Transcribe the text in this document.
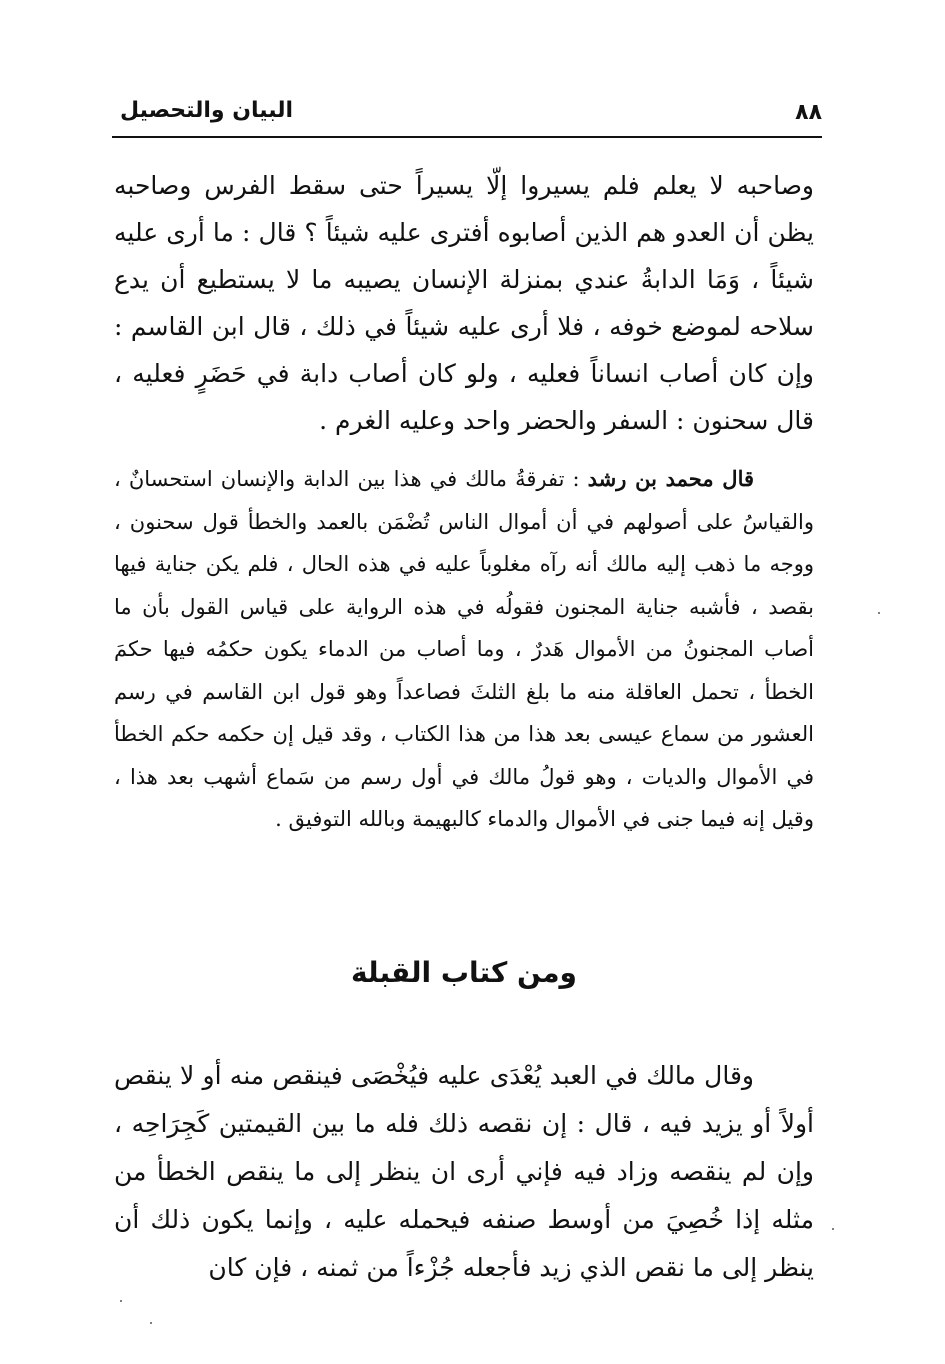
٨٨
البيان والتحصيل

وصاحبه لا يعلم فلم يسيروا إلّا يسيراً حتى سقط الفرس وصاحبه يظن أن العدو هم الذين أصابوه أفترى عليه شيئاً ؟ قال : ما أرى عليه شيئاً ، وَمَا الدابةُ عندي بمنزلة الإنسان يصيبه ما لا يستطيع أن يدع سلاحه لموضع خوفه ، فلا أرى عليه شيئاً في ذلك ، قال ابن القاسم : وإن كان أصاب انساناً فعليه ، ولو كان أصاب دابة في حَضَرٍ فعليه ، قال سحنون : السفر والحضر واحد وعليه الغرم .

قال محمد بن رشد : تفرقةُ مالك في هذا بين الدابة والإنسان استحسانٌ ، والقياسُ على أصولهم في أن أموال الناس تُضْمَن بالعمد والخطأ قول سحنون ، ووجه ما ذهب إليه مالك أنه رآه مغلوباً عليه في هذه الحال ، فلم يكن جناية فيها بقصد ، فأشبه جناية المجنون فقولُه في هذه الرواية على قياس القول بأن ما أصاب المجنونُ من الأموال هَدرٌ ، وما أصاب من الدماء يكون حكمُه فيها حكمَ الخطأ ، تحمل العاقلة منه ما بلغ الثلثَ فصاعداً وهو قول ابن القاسم في رسم العشور من سماع عيسى بعد هذا من هذا الكتاب ، وقد قيل إن حكمه حكم الخطأ في الأموال والديات ، وهو قولُ مالك في أول رسم من سَماع أشهب بعد هذا ، وقيل إنه فيما جنى في الأموال والدماء كالبهيمة وبالله التوفيق .

ومن كتاب القبلة

وقال مالك في العبد يُعْدَى عليه فيُخْصَى فينقص منه أو لا ينقص أولاً أو يزيد فيه ، قال : إن نقصه ذلك فله ما بين القيمتين كَجِرَاحِه ، وإن لم ينقصه وزاد فيه فإني أرى ان ينظر إلى ما ينقص الخطأ من مثله إذا خُصِيَ من أوسط صنفه فيحمله عليه ، وإنما يكون ذلك أن ينظر إلى ما نقص الذي زيد فأجعله جُزْءاً من ثمنه ، فإن كان
